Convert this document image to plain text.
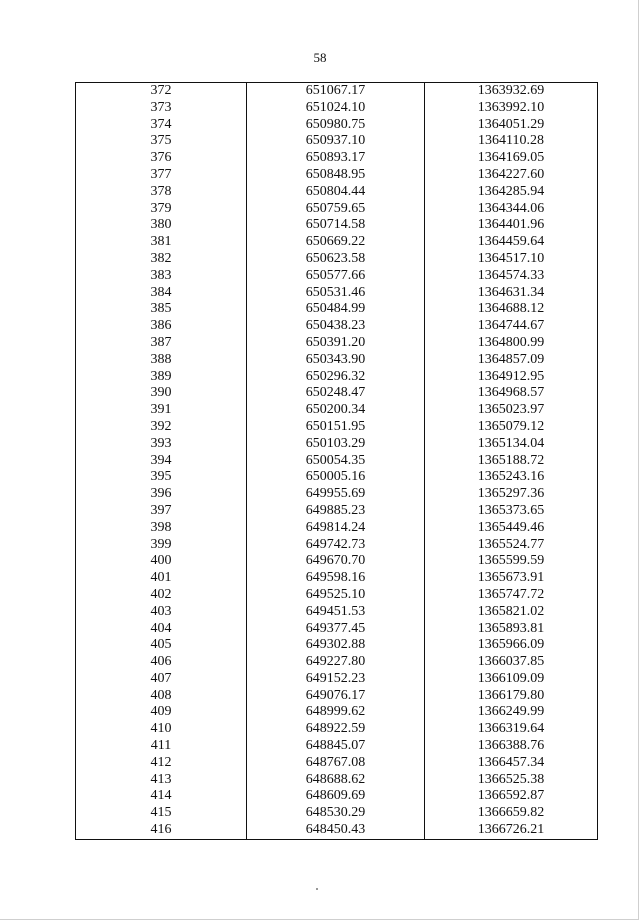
58
372	651067.17	1363932.69
373	651024.10	1363992.10
374	650980.75	1364051.29
375	650937.10	1364110.28
376	650893.17	1364169.05
377	650848.95	1364227.60
378	650804.44	1364285.94
379	650759.65	1364344.06
380	650714.58	1364401.96
381	650669.22	1364459.64
382	650623.58	1364517.10
383	650577.66	1364574.33
384	650531.46	1364631.34
385	650484.99	1364688.12
386	650438.23	1364744.67
387	650391.20	1364800.99
388	650343.90	1364857.09
389	650296.32	1364912.95
390	650248.47	1364968.57
391	650200.34	1365023.97
392	650151.95	1365079.12
393	650103.29	1365134.04
394	650054.35	1365188.72
395	650005.16	1365243.16
396	649955.69	1365297.36
397	649885.23	1365373.65
398	649814.24	1365449.46
399	649742.73	1365524.77
400	649670.70	1365599.59
401	649598.16	1365673.91
402	649525.10	1365747.72
403	649451.53	1365821.02
404	649377.45	1365893.81
405	649302.88	1365966.09
406	649227.80	1366037.85
407	649152.23	1366109.09
408	649076.17	1366179.80
409	648999.62	1366249.99
410	648922.59	1366319.64
411	648845.07	1366388.76
412	648767.08	1366457.34
413	648688.62	1366525.38
414	648609.69	1366592.87
415	648530.29	1366659.82
416	648450.43	1366726.21
